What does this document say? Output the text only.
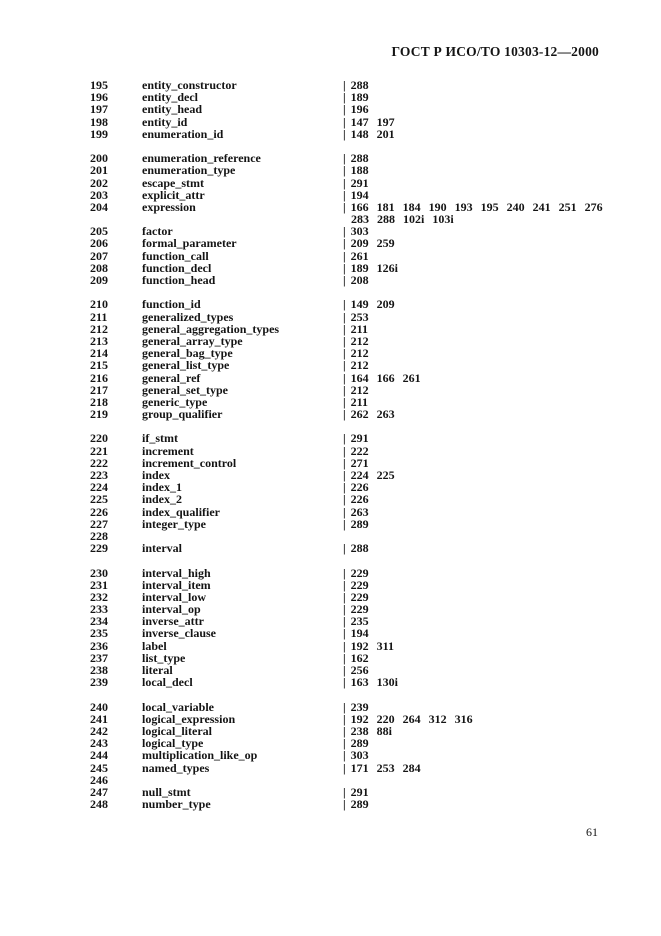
ГОСТ Р ИСО/ТО 10303-12—2000
195	entity_constructor	| 288
196	entity_decl	| 189
197	entity_head	| 196
198	entity_id	| 147 197
199	enumeration_id	| 148 201
200	enumeration_reference	| 288
201	enumeration_type	| 188
202	escape_stmt	| 291
203	explicit_attr	| 194
204	expression	| 166 181 184 190 193 195 240 241 251 276
283 288 102i 103i
205	factor	| 303
206	formal_parameter	| 209 259
207	function_call	| 261
208	function_decl	| 189 126i
209	function_head	| 208
210	function_id	| 149 209
211	generalized_types	| 253
212	general_aggregation_types	| 211
213	general_array_type	| 212
214	general_bag_type	| 212
215	general_list_type	| 212
216	general_ref	| 164 166 261
217	general_set_type	| 212
218	generic_type	| 211
219	group_qualifier	| 262 263
220	if_stmt	| 291
221	increment	| 222
222	increment_control	| 271
223	index	| 224 225
224	index_1	| 226
225	index_2	| 226
226	index_qualifier	| 263
227	integer_type	| 289
228
229	interval	| 288
230	interval_high	| 229
231	interval_item	| 229
232	interval_low	| 229
233	interval_op	| 229
234	inverse_attr	| 235
235	inverse_clause	| 194
236	label	| 192 311
237	list_type	| 162
238	literal	| 256
239	local_decl	| 163 130i
240	local_variable	| 239
241	logical_expression	| 192 220 264 312 316
242	logical_literal	| 238 88i
243	logical_type	| 289
244	multiplication_like_op	| 303
245	named_types	| 171 253 284
246
247	null_stmt	| 291
248	number_type	| 289
61
